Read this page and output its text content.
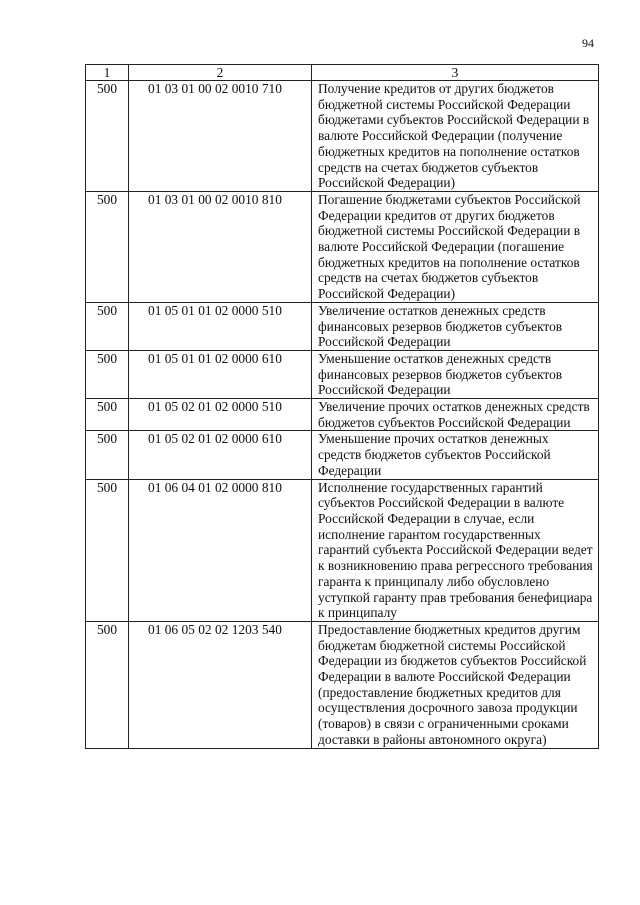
94
1	2	3
500	01 03 01 00 02 0010 710	Получение кредитов от других бюджетов бюджетной системы Российской Федерации бюджетами субъектов Российской Федерации в валюте Российской Федерации (получение бюджетных кредитов на пополнение остатков средств на счетах бюджетов субъектов Российской Федерации)
500	01 03 01 00 02 0010 810	Погашение бюджетами субъектов Российской Федерации кредитов от других бюджетов бюджетной системы Российской Федерации в валюте Российской Федерации (погашение бюджетных кредитов на пополнение остатков средств на счетах бюджетов субъектов Российской Федерации)
500	01 05 01 01 02 0000 510	Увеличение остатков денежных средств финансовых резервов бюджетов субъектов Российской Федерации
500	01 05 01 01 02 0000 610	Уменьшение остатков денежных средств финансовых резервов бюджетов субъектов Российской Федерации
500	01 05 02 01 02 0000 510	Увеличение прочих остатков денежных средств бюджетов субъектов Российской Федерации
500	01 05 02 01 02 0000 610	Уменьшение прочих остатков денежных средств бюджетов субъектов Российской Федерации
500	01 06 04 01 02 0000 810	Исполнение государственных гарантий субъектов Российской Федерации в валюте Российской Федерации в случае, если исполнение гарантом государственных гарантий субъекта Российской Федерации ведет к возникновению права регрессного требования гаранта к принципалу либо обусловлено уступкой гаранту прав требования бенефициара к принципалу
500	01 06 05 02 02 1203 540	Предоставление бюджетных кредитов другим бюджетам бюджетной системы Российской Федерации из бюджетов субъектов Российской Федерации в валюте Российской Федерации (предоставление бюджетных кредитов для осуществления досрочного завоза продукции (товаров) в связи с ограниченными сроками доставки в районы автономного округа)
